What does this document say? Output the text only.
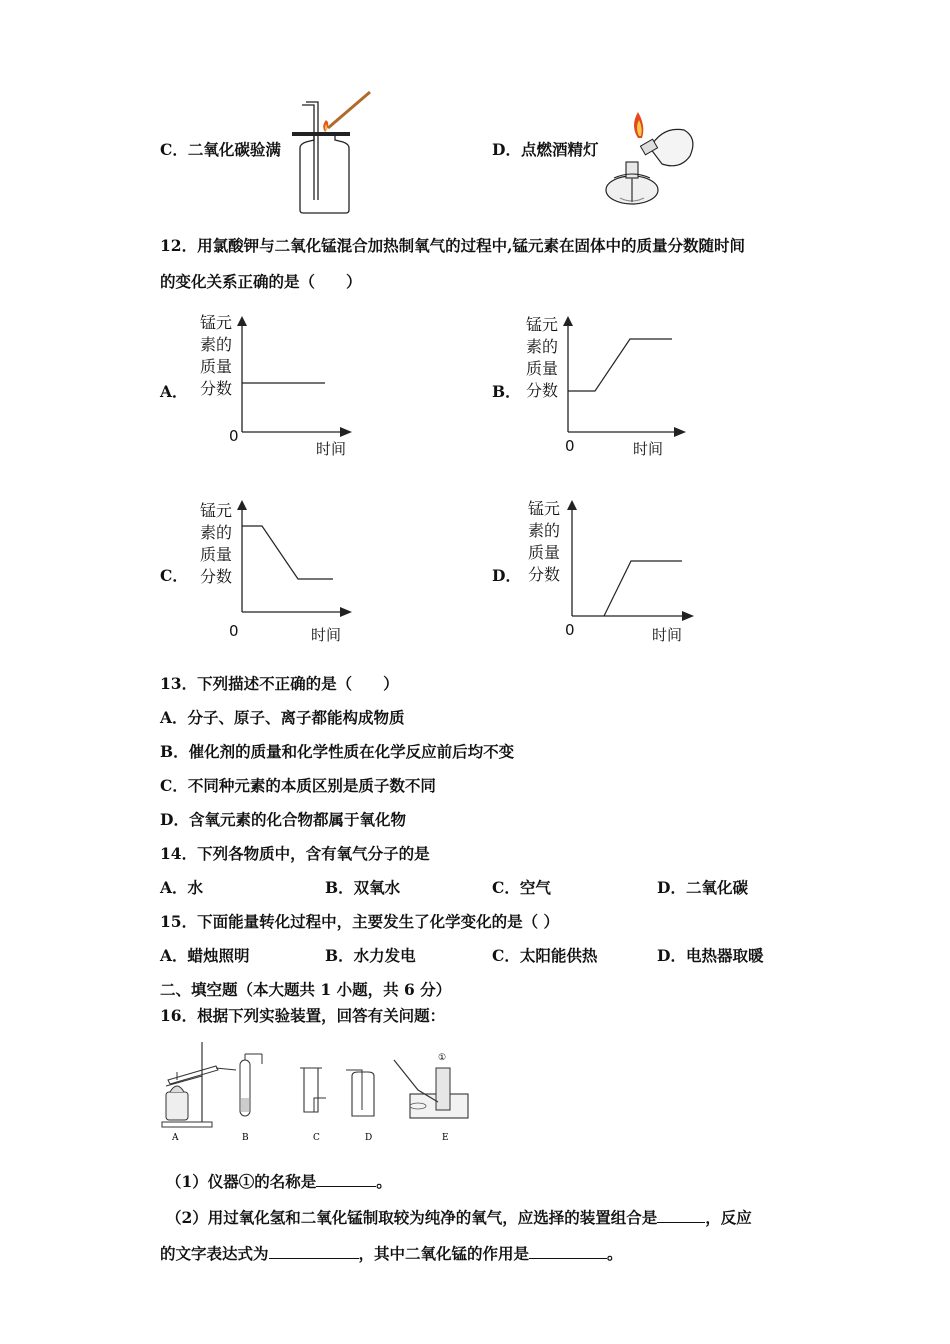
C．二氧化碳验满	D．点燃酒精灯
12．用氯酸钾与二氧化锰混合加热制氧气的过程中,锰元素在固体中的质量分数随时间
的变化关系正确的是（　　）
A．
锰元
素的
质量
分数
0
时间
B．
锰元
素的
质量
分数
0	时间
C．
锰元
素的
质量
分数
0	时间
D．
锰元
素的
质量
分数
0	时间
13．下列描述不正确的是（　　）
A．分子、原子、离子都能构成物质
B．催化剂的质量和化学性质在化学反应前后均不变
C．不同种元素的本质区别是质子数不同
D．含氧元素的化合物都属于氧化物
14．下列各物质中，含有氧气分子的是
A．水	B．双氧水	C．空气	D．二氧化碳
15．下面能量转化过程中，主要发生了化学变化的是（ ）
A．蜡烛照明	B．水力发电	C．太阳能供热	D．电热器取暖
二、填空题（本大题共 1 小题，共 6 分）
16．根据下列实验装置，回答有关问题：
A	B	C	D
①
E
（1）仪器①的名称是	。
（2）用过氧化氢和二氧化锰制取较为纯净的氧气，应选择的装置组合是	，反应
的文字表达式为	，其中二氧化锰的作用是	。
